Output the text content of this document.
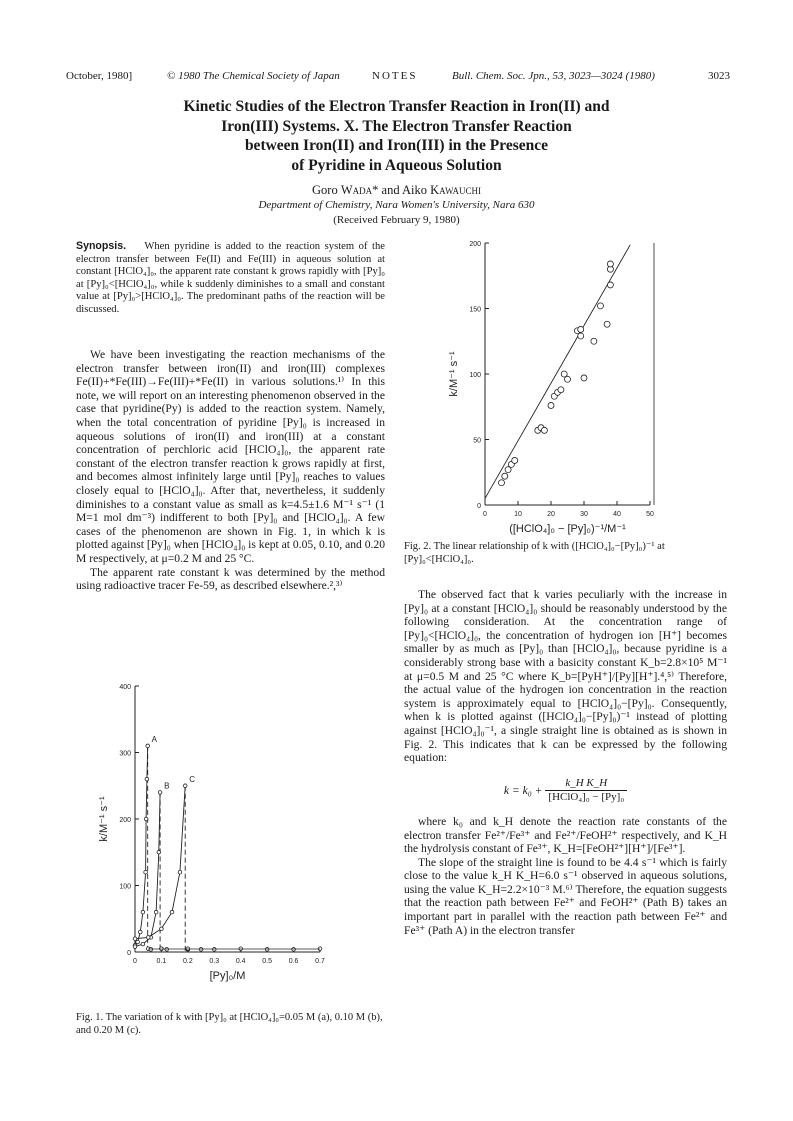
October, 1980]	© 1980 The Chemical Society of Japan	NOTES	Bull. Chem. Soc. Jpn., 53, 3023—3024 (1980)	3023
Kinetic Studies of the Electron Transfer Reaction in Iron(II) and
Iron(III) Systems. X. The Electron Transfer Reaction
between Iron(II) and Iron(III) in the Presence
of Pyridine in Aqueous Solution
Goro Wada* and Aiko Kawauchi
Department of Chemistry, Nara Women's University, Nara 630
(Received February 9, 1980)

Synopsis. When pyridine is added to the reaction system of the electron transfer between Fe(II) and Fe(III) in aqueous solution at constant [HClO₄]₀, the apparent rate constant k grows rapidly with [Py]₀ at [Py]₀<[HClO₄]₀, while k suddenly diminishes to a small and constant value at [Py]₀>[HClO₄]₀. The predominant paths of the reaction will be discussed.

We have been investigating the reaction mechanisms of the electron transfer between iron(II) and iron(III) complexes Fe(II)+*Fe(III)→Fe(III)+*Fe(II) in various solutions.¹⁾ In this note, we will report on an interesting phenomenon observed in the case that pyridine(Py) is added to the reaction system. Namely, when the total concentration of pyridine [Py]₀ is increased in aqueous solutions of iron(II) and iron(III) at a constant concentration of perchloric acid [HClO₄]₀, the apparent rate constant of the electron transfer reaction k grows rapidly at first, and becomes almost infinitely large until [Py]₀ reaches to values closely equal to [HClO₄]₀. After that, nevertheless, it suddenly diminishes to a constant value as small as k=4.5±1.6 M⁻¹ s⁻¹ (1 M=1 mol dm⁻³) indifferent to both [Py]₀ and [HClO₄]₀. A few cases of the phenomenon are shown in Fig. 1, in which k is plotted against [Py]₀ when [HClO₄]₀ is kept at 0.05, 0.10, and 0.20 M respectively, at μ=0.2 M and 25 °C.

The apparent rate constant k was determined by the method using radioactive tracer Fe-59, as described elsewhere.²,³⁾

0	0.1 0.2 0.3 0.4 0.5 0.6 0.7
0
100
200
300
400
[Py]₀/M
k/M⁻¹ s⁻¹
A
B
C
Fig. 1. The variation of k with [Py]₀ at [HClO₄]₀=0.05 M (a), 0.10 M (b), and 0.20 M (c).
0	10	20	30	40	50
0
50
100
150
200
([HClO₄]₀ − [Py]₀)⁻¹/M⁻¹
k/M⁻¹ s⁻¹
Fig. 2. The linear relationship of k with ([HClO₄]₀−[Py]₀)⁻¹ at [Py]₀<[HClO₄]₀.

The observed fact that k varies peculiarly with the increase in [Py]₀ at a constant [HClO₄]₀ should be reasonably understood by the following consideration. At the concentration range of [Py]₀<[HClO₄]₀, the concentration of hydrogen ion [H⁺] becomes smaller by as much as [Py]₀ than [HClO₄]₀, because pyridine is a considerably strong base with a basicity constant K_b=2.8×10⁵ M⁻¹ at μ=0.5 M and 25 °C where K_b=[PyH⁺]/[Py][H⁺].⁴,⁵⁾ Therefore, the actual value of the hydrogen ion concentration in the reaction system is approximately equal to [HClO₄]₀−[Py]₀. Consequently, when k is plotted against ([HClO₄]₀−[Py]₀)⁻¹ instead of plotting against [HClO₄]₀⁻¹, a single straight line is obtained as is shown in Fig. 2. This indicates that k can be expressed by the following equation:

k = k₀ +
k_H K_H
[HClO₄]₀ − [Py]₀

where k₀ and k_H denote the reaction rate constants of the electron transfer Fe²⁺/Fe³⁺ and Fe²⁺/FeOH²⁺ respectively, and K_H the hydrolysis constant of Fe³⁺, K_H=[FeOH²⁺][H⁺]/[Fe³⁺].

The slope of the straight line is found to be 4.4 s⁻¹ which is fairly close to the value k_H K_H=6.0 s⁻¹ observed in aqueous solutions, using the value K_H=2.2×10⁻³ M.⁶⁾ Therefore, the equation suggests that the reaction path between Fe²⁺ and FeOH²⁺ (Path B) takes an important part in parallel with the reaction path between Fe²⁺ and Fe³⁺ (Path A) in the electron transfer
